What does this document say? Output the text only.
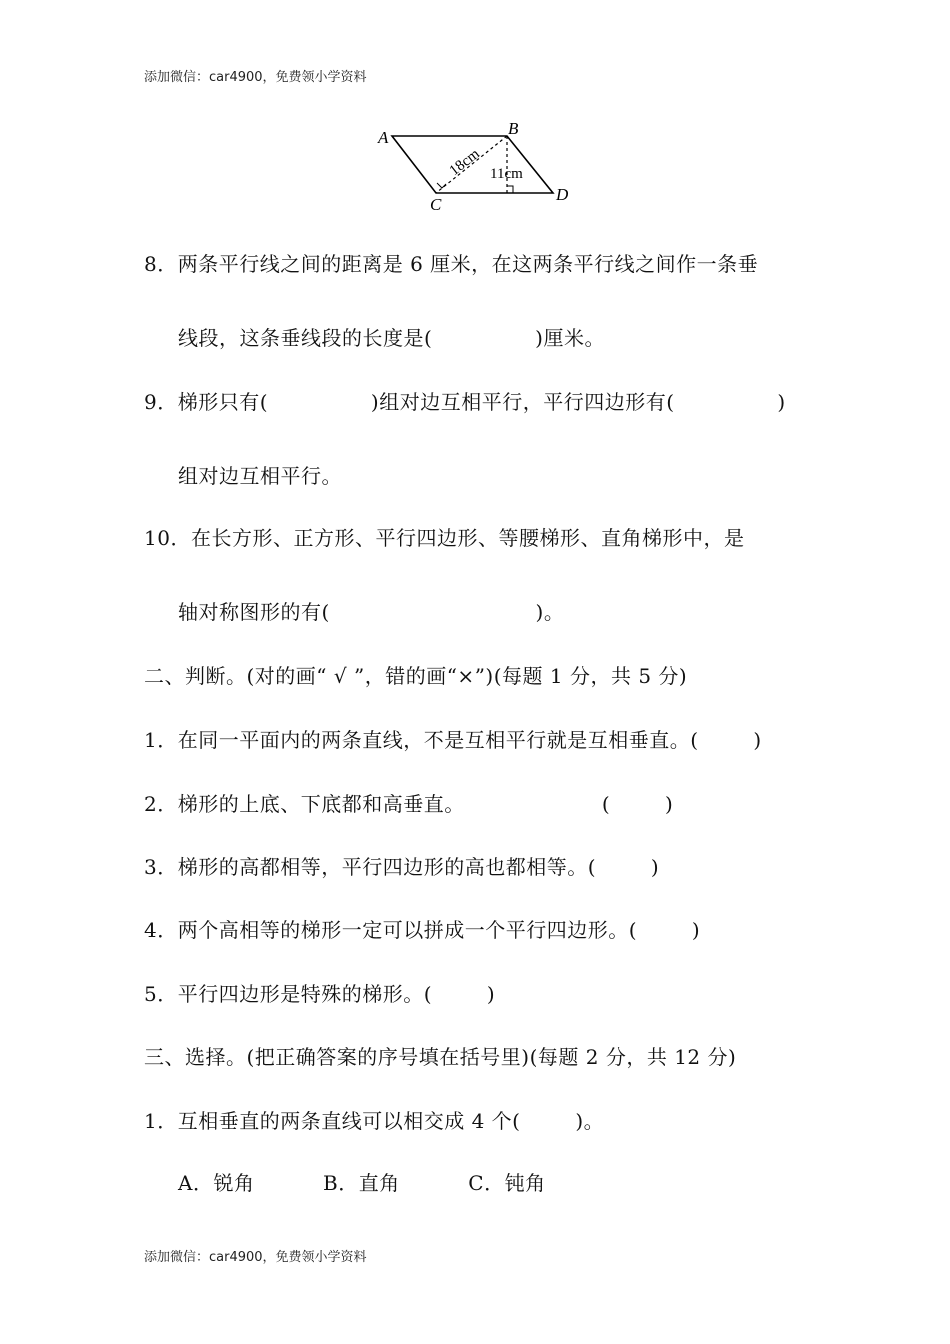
添加微信：car4900，免费领小学资料
A	B
C
D
18cm 11cm
8．两条平行线之间的距离是 6 厘米，在这两条平行线之间作一条垂
线段，这条垂线段的长度是(               )厘米。
9．梯形只有(               )组对边互相平行，平行四边形有(               )
组对边互相平行。
10．在长方形、正方形、平行四边形、等腰梯形、直角梯形中，是
轴对称图形的有(                              )。
二、判断。(对的画“ √ ”，错的画“×”)(每题 1 分，共 5 分)
1．在同一平面内的两条直线，不是互相平行就是互相垂直。(        )
2．梯形的上底、下底都和高垂直。                    (        )
3．梯形的高都相等，平行四边形的高也都相等。(        )
4．两个高相等的梯形一定可以拼成一个平行四边形。(        )
5．平行四边形是特殊的梯形。(        )
三、选择。(把正确答案的序号填在括号里)(每题 2 分，共 12 分)
1．互相垂直的两条直线可以相交成 4 个(        )。
A．锐角          B．直角          C．钝角
添加微信：car4900，免费领小学资料
